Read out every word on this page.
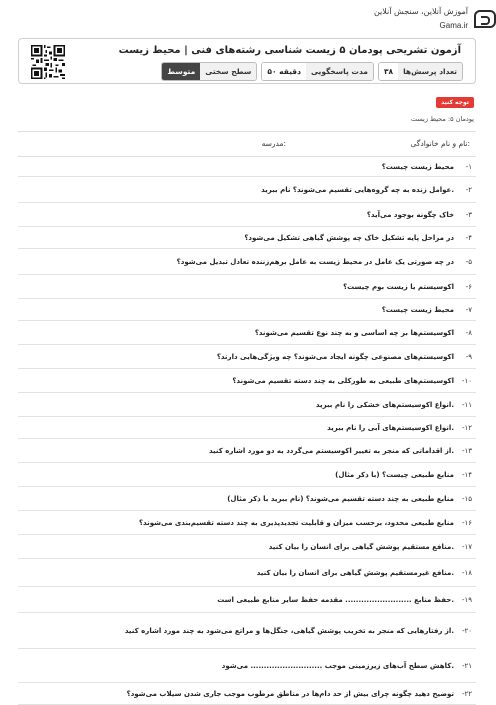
آموزش آنلاین، سنجش آنلاین
Gama.ir
آزمون تشریحی پودمان ۵ زیست شناسی رشته‌های فنی | محیط زیست
تعداد پرسش‌ها
۳۸
مدت پاسخگویی
۵۰ دقیقه
سطح سختی
متوسط
توجه کنید
پودمان ۵: محیط زیست
نام و نام خانوادگی:
مدرسه:
-۱
محیط زیست چیست؟
-۲
عوامل زنده به چه گروه‌هایی تقسیم می‌شوند؟ نام ببرید.
-۳
خاک چگونه بوجود می‌آید؟
-۴
در مراحل پایه تشکیل خاک چه پوشش گیاهی تشکیل می‌شود؟
-۵
در چه صورتی یک عامل در محیط زیست به عامل برهم‌زننده تعادل تبدیل می‌شود؟
-۶
اکوسیستم یا زیست بوم چیست؟
-۷
محیط زیست چیست؟
-۸
اکوسیستم‌ها بر چه اساسی و به چند نوع تقسیم می‌شوند؟
-۹
اکوسیستم‌های مصنوعی چگونه ایجاد می‌شوند؟ چه ویژگی‌هایی دارند؟
-۱۰
اکوسیستم‌های طبیعی به طورکلی به چند دسته تقسیم می‌شوند؟
-۱۱
انواع اکوسیستم‌های خشکی را نام ببرید.
-۱۲
انواع اکوسیستم‌های آبی را نام ببرید.
-۱۳
از اقداماتی که منجر به تغییر اکوسیستم می‌گردد به دو مورد اشاره کنید.
-۱۴
منابع طبیعی چیست؟ (با ذکر مثال)
-۱۵
منابع طبیعی به چند دسته تقسیم می‌شوند؟ (نام ببرید با ذکر مثال)
-۱۶
منابع طبیعی محدود، برحسب میزان و قابلیت تجدیدپذیری به چند دسته تقسیم‌بندی می‌شوند؟
-۱۷
منافع مستقیم پوشش گیاهی برای انسان را بیان کنید.
-۱۸
منافع غیرمستقیم پوشش گیاهی برای انسان را بیان کنید.
-۱۹
حفظ منابع ......................... مقدمه حفظ سایر منابع طبیعی است.
-۲۰
از رفتارهایی که منجر به تخریب پوشش گیاهی، جنگل‌ها و مراتع می‌شود به چند مورد اشاره کنید.
-۲۱
کاهش سطح آب‌های زیرزمینی موجب ........................... می‌شود.
-۲۲
توضیح دهید چگونه چرای بیش از حد دام‌ها در مناطق مرطوب موجب جاری شدن سیلاب می‌شود؟
